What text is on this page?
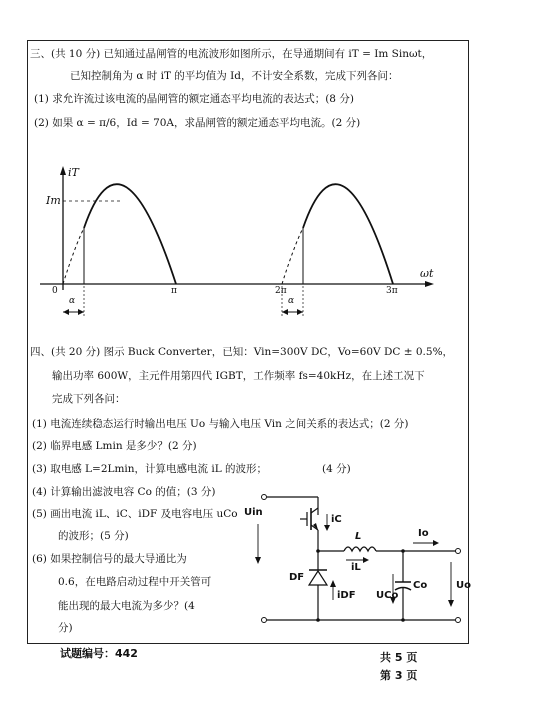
三、(共 10 分) 已知通过晶闸管的电流波形如图所示，在导通期间有 iT = Im Sinωt，
已知控制角为 α 时 iT 的平均值为 Id，不计安全系数，完成下列各问：
(1) 求允许流过该电流的晶闸管的额定通态平均电流的表达式；(8 分)
(2) 如果 α = π/6，Id = 70A，求晶闸管的额定通态平均电流。(2 分)
iT
ωt
Im
0	π	2π	3π
α	α
四、(共 20 分) 图示 Buck Converter，已知：Vin=300V DC，Vo=60V DC ± 0.5%，
输出功率 600W，主元件用第四代 IGBT，工作频率 fs=40kHz，在上述工况下
完成下列各问：
(1) 电流连续稳态运行时输出电压 Uo 与输入电压 Vin 之间关系的表达式；(2 分)
(2) 临界电感 Lmin 是多少？(2 分)
(3) 取电感 L=2Lmin，计算电感电流 iL 的波形；	(4 分)
(4) 计算输出滤波电容 Co 的值；(3 分)
(5) 画出电流 iL、iC、iDF 及电容电压 uCo
的波形；(5 分)
(6) 如果控制信号的最大导通比为
0.6，在电路启动过程中开关管可
能出现的最大电流为多少？(4
分)
Uin
iC
L
iL
Io
DF
iDF UCo
Co	Uo
试题编号：442	共 5 页
第 3 页
